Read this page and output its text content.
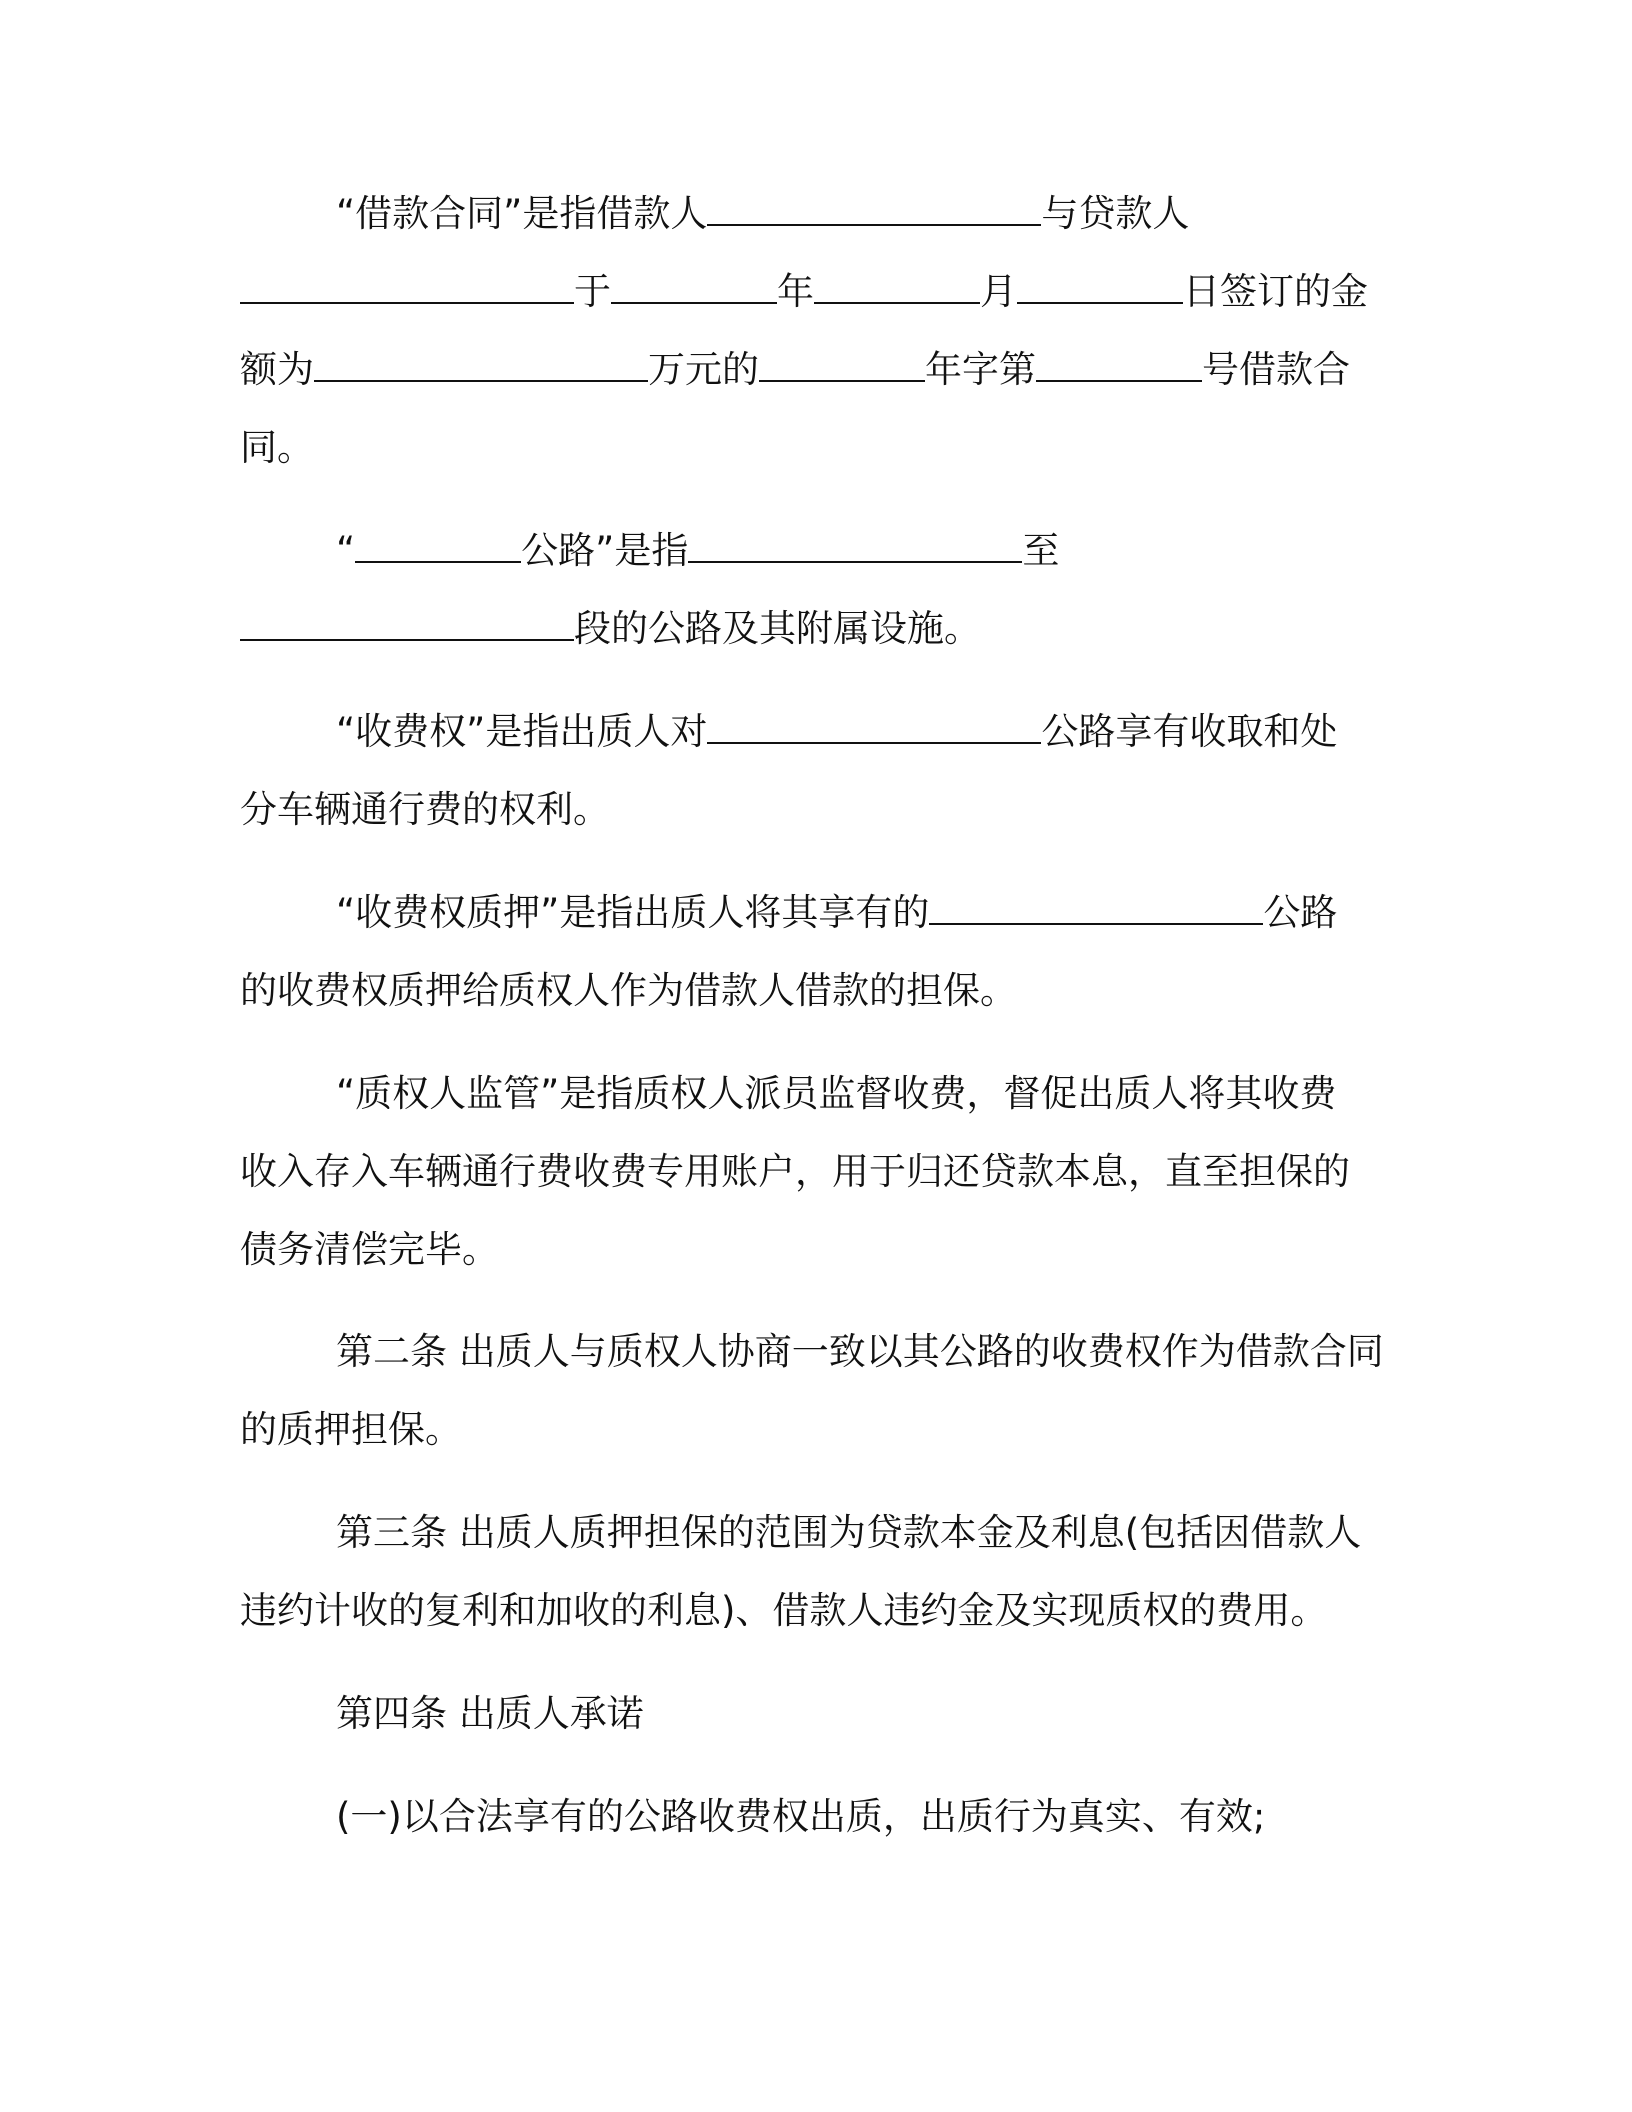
“借款合同”是指借款人	与贷款人
于	年	月	日签订的金
额为	万元的	年字第	号借款合
同。
“	公路”是指	至
段的公路及其附属设施。
“收费权”是指出质人对	公路享有收取和处
分车辆通行费的权利。
“收费权质押”是指出质人将其享有的	公路
的收费权质押给质权人作为借款人借款的担保。
“质权人监管”是指质权人派员监督收费，督促出质人将其收费
收入存入车辆通行费收费专用账户，用于归还贷款本息，直至担保的
债务清偿完毕。
第二条 出质人与质权人协商一致以其公路的收费权作为借款合同
的质押担保。
第三条 出质人质押担保的范围为贷款本金及利息(包括因借款人
违约计收的复利和加收的利息)、借款人违约金及实现质权的费用。
第四条 出质人承诺
(一)以合法享有的公路收费权出质，出质行为真实、有效;
